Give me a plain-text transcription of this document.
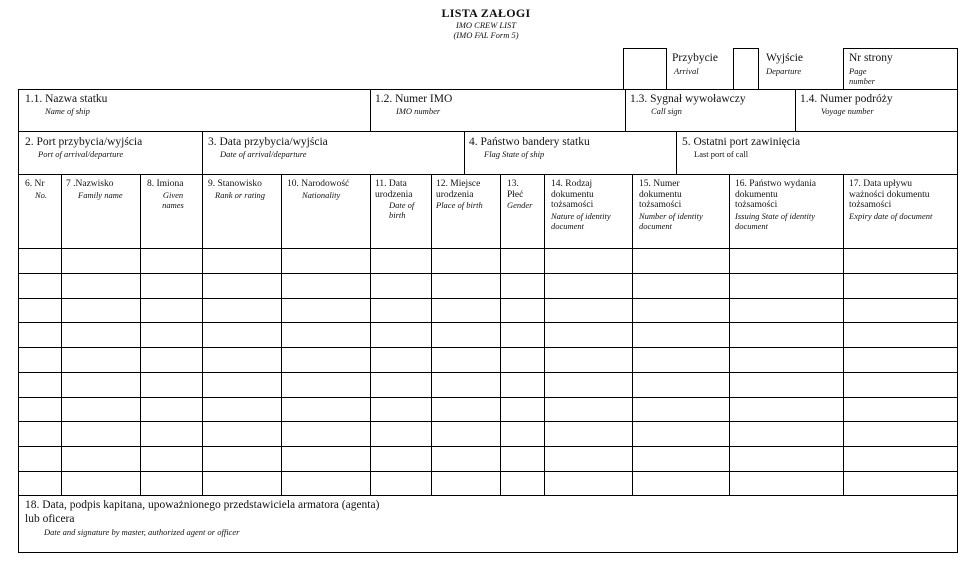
LISTA ZAŁOGI
IMO CREW LIST
(IMO FAL Form 5)
Przybycie
Arrival
Wyjście
Departure
Nr strony
Page
number
1.1. Nazwa statku
Name of ship
1.2. Numer IMO
IMO number
1.3. Sygnał wywoławczy
Call sign
1.4. Numer podróży
Voyage number
2. Port przybycia/wyjścia
Port of arrival/departure
3. Data przybycia/wyjścia
Date of arrival/departure
4. Państwo bandery statku
Flag State of ship
5. Ostatni port zawinięcia
Last port of call
6. Nr
No.
7 .Nazwisko
Family name
8. Imiona
Given
names
9. Stanowisko
Rank or rating
10. Narodowość
Nationality
11. Data
urodzenia
Date of
birth
12. Miejsce
urodzenia
Place of birth
13.
Płeć
Gender
14. Rodzaj
dokumentu
tożsamości
Nature of identity
document
15. Numer
dokumentu
tożsamości
Number of identity
document
16. Państwo wydania
dokumentu
tożsamości
Issuing State of identity
document
17. Data upływu
ważności dokumentu
tożsamości
Expiry date of document
18. Data, podpis kapitana, upoważnionego przedstawiciela armatora (agenta)
lub oficera
Date and signature by master, authorized agent or officer
